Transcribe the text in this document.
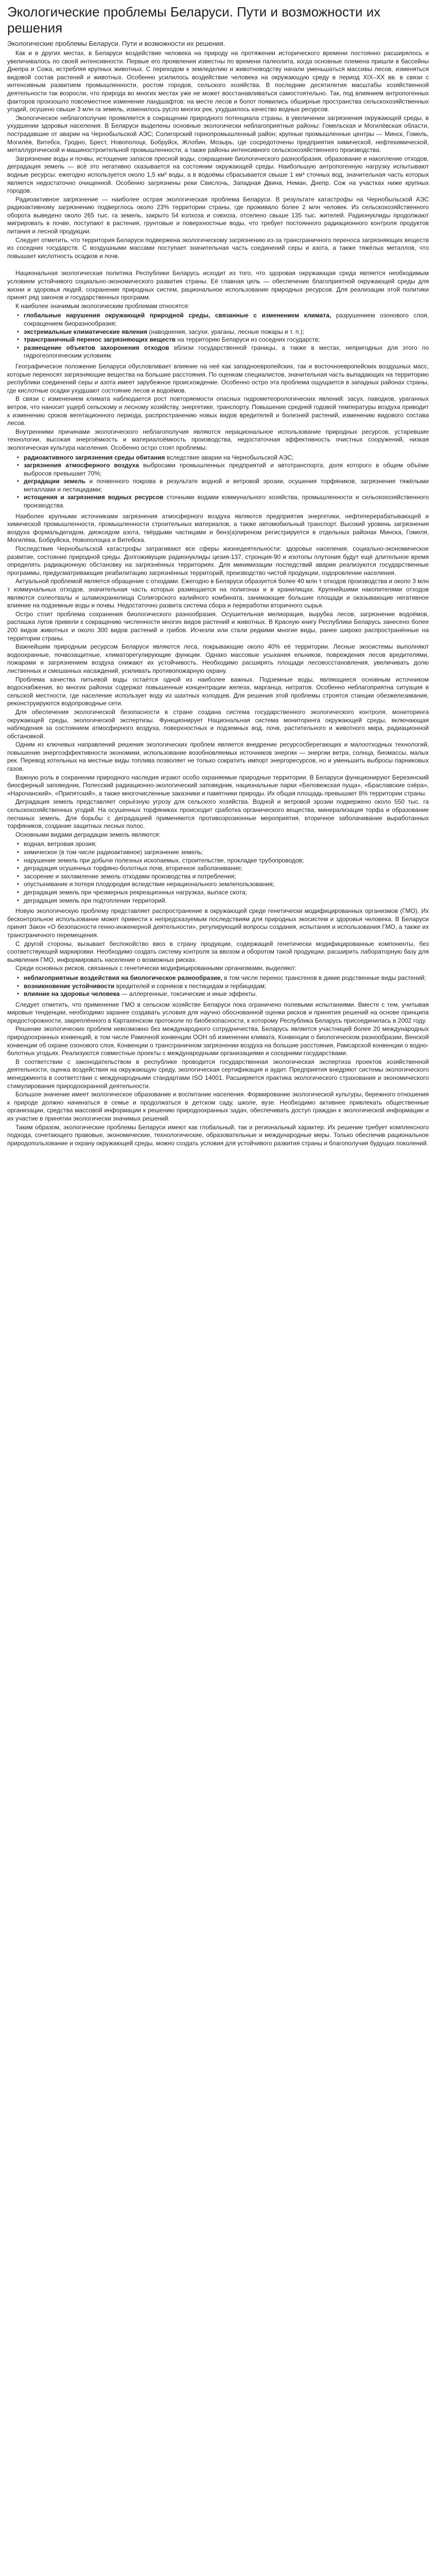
Экологические проблемы Беларуси. Пути и возможности их решения
Экологические проблемы Беларуси. Пути и возможности их решения.

Как и в других местах, в Беларуси воздействие человека на природу на протяжении исторического времени постоянно расширялось и увеличивалось по своей интенсивности. Первые его проявления известны по времени палеолита, когда основные племена пришли в бассейны Днепра и Сожа, истребляя крупных животных. С переходом к земледелию и животноводству начали уменьшаться массивы лесов, изменяться видовой состав растений и животных. Особенно усилилось воздействие человека на окружающую среду в период XIX–XX вв. в связи с интенсивным развитием промышленности, ростом городов, сельского хозяйства. В последние десятилетия масштабы хозяйственной деятельности так возросли, что природа во многих местах уже не может восстанавливаться самостоятельно. Так, под влиянием антропогенных факторов произошло повсеместное изменение ландшафтов: на месте лесов и болот появились обширные пространства сельскохозяйственных угодий, осушено свыше 3 млн га земель, изменилось русло многих рек, ухудшилось качество водных ресурсов.

Экологическое неблагополучие проявляется в сокращении природного потенциала страны, в увеличении загрязнения окружающей среды, в ухудшении здоровья населения. В Беларуси выделены основные экологически неблагоприятные районы: Гомельская и Могилёвская области, пострадавшие от аварии на Чернобыльской АЭС; Солигорский горнопромышленный район; крупные промышленные центры — Минск, Гомель, Могилёв, Витебск, Гродно, Брест, Новополоцк, Бобруйск, Жлобин, Мозырь, где сосредоточены предприятия химической, нефтехимической, металлургической и машиностроительной промышленности, а также районы интенсивного сельскохозяйственного производства.

Загрязнение воды и почвы, истощение запасов пресной воды, сокращение биологического разнообразия, образование и накопление отходов, деградация земель — всё это негативно сказывается на состоянии окружающей среды. Наибольшую антропогенную нагрузку испытывают водные ресурсы: ежегодно используется около 1,5 км³ воды, а в водоёмы сбрасывается свыше 1 км³ сточных вод, значительная часть которых является недостаточно очищенной. Особенно загрязнены реки Свислочь, Западная Двина, Неман, Днепр, Сож на участках ниже крупных городов.

Радиоактивное загрязнение — наиболее острая экологическая проблема Беларуси. В результате катастрофы на Чернобыльской АЭС радиоактивному загрязнению подверглось около 23% территории страны, где проживало более 2 млн человек. Из сельскохозяйственного оборота выведено около 265 тыс. га земель, закрыто 54 колхоза и совхоза, отселено свыше 135 тыс. жителей. Радионуклиды продолжают мигрировать в почве, поступают в растения, грунтовые и поверхностные воды, что требует постоянного радиационного контроля продуктов питания и лесной продукции.

Следует отметить, что территория Беларуси подвержена экологическому загрязнению из-за трансграничного переноса загрязняющих веществ из соседних государств. С воздушными массами поступает значительная часть соединений серы и азота, а также тяжёлых металлов, что повышает кислотность осадков и почв.

Национальная экологическая политика Республики Беларусь исходит из того, что здоровая окружающая среда является необходимым условием устойчивого социально-экономического развития страны. Её главная цель — обеспечение благоприятной окружающей среды для жизни и здоровья людей, сохранение природных систем, рациональное использование природных ресурсов. Для реализации этой политики принят ряд законов и государственных программ.

К наиболее значимым экологическим проблемам относятся:

▪ глобальные нарушения окружающей природной среды, связанные с изменением климата, разрушением озонового слоя, сокращением биоразнообразия;
▪ экстремальные климатические явления (наводнения, засухи, ураганы, лесные пожары и т. п.);
▪ трансграничный перенос загрязняющих веществ на территорию Беларуси из соседних государств;
▪ размещение объектов захоронения отходов вблизи государственной границы, а также в местах, непригодных для этого по гидрогеологическим условиям.

Географическое положение Беларуси обусловливает влияние на неё как западноевропейских, так и восточноевропейских воздушных масс, которые переносят загрязняющие вещества на большие расстояния. По оценкам специалистов, значительная часть выпадающих на территорию республики соединений серы и азота имеет зарубежное происхождение. Особенно остро эта проблема ощущается в западных районах страны, где кислотные осадки ухудшают состояние лесов и водоёмов.

В связи с изменением климата наблюдается рост повторяемости опасных гидрометеорологических явлений: засух, паводков, ураганных ветров, что наносит ущерб сельскому и лесному хозяйству, энергетике, транспорту. Повышение средней годовой температуры воздуха приводит к изменению сроков вегетационного периода, распространению новых видов вредителей и болезней растений, изменению видового состава лесов.

Внутренними причинами экологического неблагополучия являются нерациональное использование природных ресурсов, устаревшие технологии, высокая энергоёмкость и материалоёмкость производства, недостаточная эффективность очистных сооружений, низкая экологическая культура населения. Особенно остро стоят проблемы:

▪ радиоактивного загрязнения среды обитания вследствие аварии на Чернобыльской АЭС;
▪ загрязнения атмосферного воздуха выбросами промышленных предприятий и автотранспорта, доля которого в общем объёме выбросов превышает 70%;
▪ деградации земель и почвенного покрова в результате водной и ветровой эрозии, осушения торфяников, загрязнения тяжёлыми металлами и пестицидами;
▪ истощения и загрязнения водных ресурсов сточными водами коммунального хозяйства, промышленности и сельскохозяйственного производства.

Наиболее крупными источниками загрязнения атмосферного воздуха являются предприятия энергетики, нефтеперерабатывающей и химической промышленности, промышленности строительных материалов, а также автомобильный транспорт. Высокий уровень загрязнения воздуха формальдегидом, диоксидом азота, твёрдыми частицами и бенз(а)пиреном регистрируется в отдельных районах Минска, Гомеля, Могилёва, Бобруйска, Новополоцка и Витебска.

Последствия Чернобыльской катастрофы затрагивают все сферы жизнедеятельности: здоровье населения, социально-экономическое развитие, состояние природной среды. Долгоживущие радионуклиды цезия-137, стронция-90 и изотопы плутония будут ещё длительное время определять радиационную обстановку на загрязнённых территориях. Для минимизации последствий аварии реализуются государственные программы, предусматривающие реабилитацию загрязнённых территорий, производство чистой продукции, оздоровление населения.

Актуальной проблемой является обращение с отходами. Ежегодно в Беларуси образуется более 40 млн т отходов производства и около 3 млн т коммунальных отходов, значительная часть которых размещается на полигонах и в хранилищах. Крупнейшими накопителями отходов являются солеотвалы и шламохранилища Солигорского калийного комбината, занимающие большие площади и оказывающие негативное влияние на подземные воды и почвы. Недостаточно развита система сбора и переработки вторичного сырья.

Остро стоит проблема сохранения биологического разнообразия. Осушительная мелиорация, вырубка лесов, загрязнение водоёмов, распашка лугов привели к сокращению численности многих видов растений и животных. В Красную книгу Республики Беларусь занесено более 200 видов животных и около 300 видов растений и грибов. Исчезли или стали редкими многие виды, ранее широко распространённые на территории страны.

Важнейшим природным ресурсом Беларуси являются леса, покрывающие около 40% её территории. Лесные экосистемы выполняют водоохранные, почвозащитные, климаторегулирующие функции. Однако массовые усыхания ельников, повреждения лесов вредителями, пожарами и загрязнением воздуха снижают их устойчивость. Необходимо расширять площади лесовосстановления, увеличивать долю лиственных и смешанных насаждений, усиливать противопожарную охрану.

Проблема качества питьевой воды остаётся одной из наиболее важных. Подземные воды, являющиеся основным источником водоснабжения, во многих районах содержат повышенные концентрации железа, марганца, нитратов. Особенно неблагоприятна ситуация в сельской местности, где население использует воду из шахтных колодцев. Для решения этой проблемы строятся станции обезжелезивания, реконструируются водопроводные сети.

Для обеспечения экологической безопасности в стране создана система государственного экологического контроля, мониторинга окружающей среды, экологической экспертизы. Функционирует Национальная система мониторинга окружающей среды, включающая наблюдения за состоянием атмосферного воздуха, поверхностных и подземных вод, почв, растительного и животного мира, радиационной обстановкой.

Одним из ключевых направлений решения экологических проблем является внедрение ресурсосберегающих и малоотходных технологий, повышение энергоэффективности экономики, использование возобновляемых источников энергии — энергии ветра, солнца, биомассы, малых рек. Перевод котельных на местные виды топлива позволяет не только сократить импорт энергоресурсов, но и уменьшить выбросы парниковых газов.

Важную роль в сохранении природного наследия играют особо охраняемые природные территории. В Беларуси функционируют Березинский биосферный заповедник, Полесский радиационно-экологический заповедник, национальные парки «Беловежская пуща», «Браславские озёра», «Нарочанский», «Припятский», а также многочисленные заказники и памятники природы. Их общая площадь превышает 8% территории страны.

Деградация земель представляет серьёзную угрозу для сельского хозяйства. Водной и ветровой эрозии подвержено около 550 тыс. га сельскохозяйственных угодий. На осушенных торфяниках происходит сработка органического вещества, минерализация торфа и образование песчаных земель. Для борьбы с деградацией применяются противоэрозионные мероприятия, вторичное заболачивание выработанных торфяников, создание защитных лесных полос.

Основными видами деградации земель являются:

▪ водная, ветровая эрозия;
▪ химическое (в том числе радиоактивное) загрязнение земель;
▪ нарушение земель при добыче полезных ископаемых, строительстве, прокладке трубопроводов;
▪ деградация осушенных торфяно-болотных почв, вторичное заболачивание;
▪ засорение и захламление земель отходами производства и потребления;
▪ опустынивание и потеря плодородия вследствие нерационального землепользования;
▪ деградация земель при чрезмерных рекреационных нагрузках, выпасе скота;
▪ деградация земель при подтоплении территорий.

Новую экологическую проблему представляет распространение в окружающей среде генетически модифицированных организмов (ГМО). Их бесконтрольное использование может привести к непредсказуемым последствиям для природных экосистем и здоровья человека. В Беларуси принят Закон «О безопасности генно-инженерной деятельности», регулирующий вопросы создания, испытания и использования ГМО, а также их трансграничного перемещения.

С другой стороны, вызывает беспокойство ввоз в страну продукции, содержащей генетически модифицированные компоненты, без соответствующей маркировки. Необходимо создать систему контроля за ввозом и оборотом такой продукции, расширить лабораторную базу для выявления ГМО, информировать население о возможных рисках.

Среди основных рисков, связанных с генетически модифицированными организмами, выделяют:

▪ неблагоприятные воздействия на биологическое разнообразие, в том числе перенос трансгенов в дикие родственные виды растений;
▪ возникновение устойчивости вредителей и сорняков к пестицидам и гербицидам;
▪ влияние на здоровье человека — аллергенные, токсические и иные эффекты.

Следует отметить, что применение ГМО в сельском хозяйстве Беларуси пока ограничено полевыми испытаниями. Вместе с тем, учитывая мировые тенденции, необходимо заранее создавать условия для научно обоснованной оценки рисков и принятия решений на основе принципа предосторожности, закреплённого в Картахенском протоколе по биобезопасности, к которому Республика Беларусь присоединилась в 2002 году.

Решение экологических проблем невозможно без международного сотрудничества. Беларусь является участницей более 20 международных природоохранных конвенций, в том числе Рамочной конвенции ООН об изменении климата, Конвенции о биологическом разнообразии, Венской конвенции об охране озонового слоя, Конвенции о трансграничном загрязнении воздуха на большие расстояния, Рамсарской конвенции о водно-болотных угодьях. Реализуются совместные проекты с международными организациями и соседними государствами.

В соответствии с законодательством в республике проводится государственная экологическая экспертиза проектов хозяйственной деятельности, оценка воздействия на окружающую среду, экологическая сертификация и аудит. Предприятия внедряют системы экологического менеджмента в соответствии с международными стандартами ISO 14001. Расширяется практика экологического страхования и экономического стимулирования природоохранной деятельности.

Большое значение имеет экологическое образование и воспитание населения. Формирование экологической культуры, бережного отношения к природе должно начинаться в семье и продолжаться в детском саду, школе, вузе. Необходимо активнее привлекать общественные организации, средства массовой информации к решению природоохранных задач, обеспечивать доступ граждан к экологической информации и их участие в принятии экологически значимых решений.

Таким образом, экологические проблемы Беларуси имеют как глобальный, так и региональный характер. Их решение требует комплексного подхода, сочетающего правовые, экономические, технологические, образовательные и международные меры. Только обеспечив рациональное природопользование и охрану окружающей среды, можно создать условия для устойчивого развития страны и благополучия будущих поколений.
